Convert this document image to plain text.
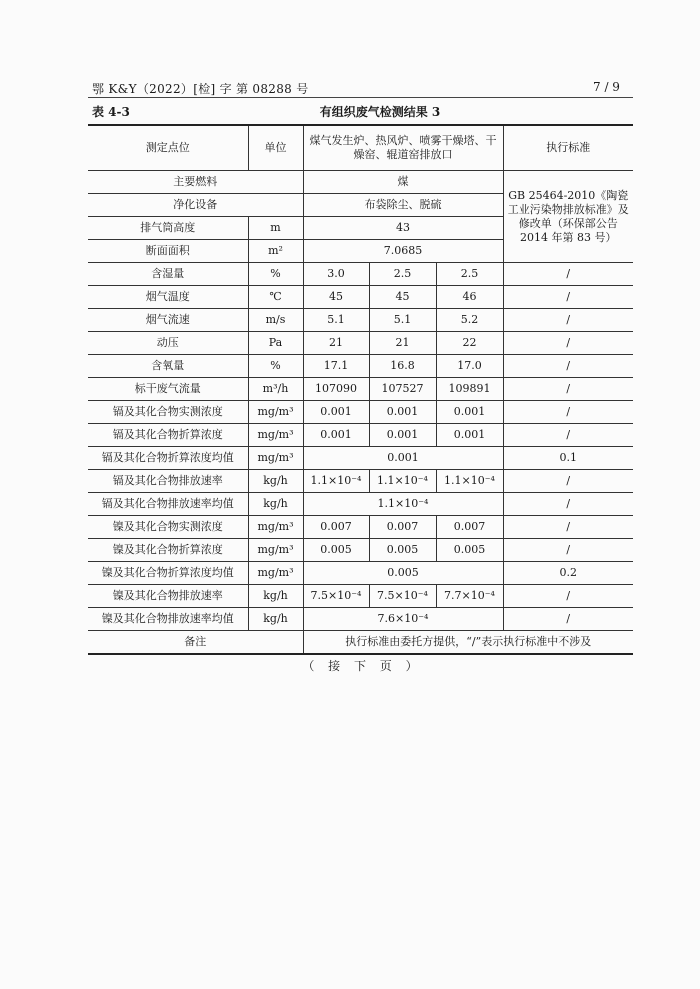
鄂 K&Y（2022）[检] 字 第 08288 号	7 / 9
表 4-3	有组织废气检测结果 3
测定点位	单位	煤气发生炉、热风炉、喷雾干燥塔、干燥窑、辊道窑排放口			执行标准
主要燃料		煤			GB 25464-2010《陶瓷工业污染物排放标准》及修改单（环保部公告2014 年第 83 号）
净化设备		布袋除尘、脱硫			
排气筒高度	m	43			
断面面积	m²	7.0685			
含湿量	%	3.0	2.5	2.5	/
烟气温度	℃	45	45	46	/
烟气流速	m/s	5.1	5.1	5.2	/
动压	Pa	21	21	22	/
含氧量	%	17.1	16.8	17.0	/
标干废气流量	m³/h	107090	107527	109891	/
镉及其化合物实测浓度	mg/m³	0.001	0.001	0.001	/
镉及其化合物折算浓度	mg/m³	0.001	0.001	0.001	/
镉及其化合物折算浓度均值	mg/m³	0.001			0.1
镉及其化合物排放速率	kg/h	1.1×10⁻⁴	1.1×10⁻⁴	1.1×10⁻⁴	/
镉及其化合物排放速率均值	kg/h	1.1×10⁻⁴			/
镍及其化合物实测浓度	mg/m³	0.007	0.007	0.007	/
镍及其化合物折算浓度	mg/m³	0.005	0.005	0.005	/
镍及其化合物折算浓度均值	mg/m³	0.005			0.2
镍及其化合物排放速率	kg/h	7.5×10⁻⁴	7.5×10⁻⁴	7.7×10⁻⁴	/
镍及其化合物排放速率均值	kg/h	7.6×10⁻⁴			/
备注		执行标准由委托方提供，“/”表示执行标准中不涉及			
（ 接 下 页 ）
